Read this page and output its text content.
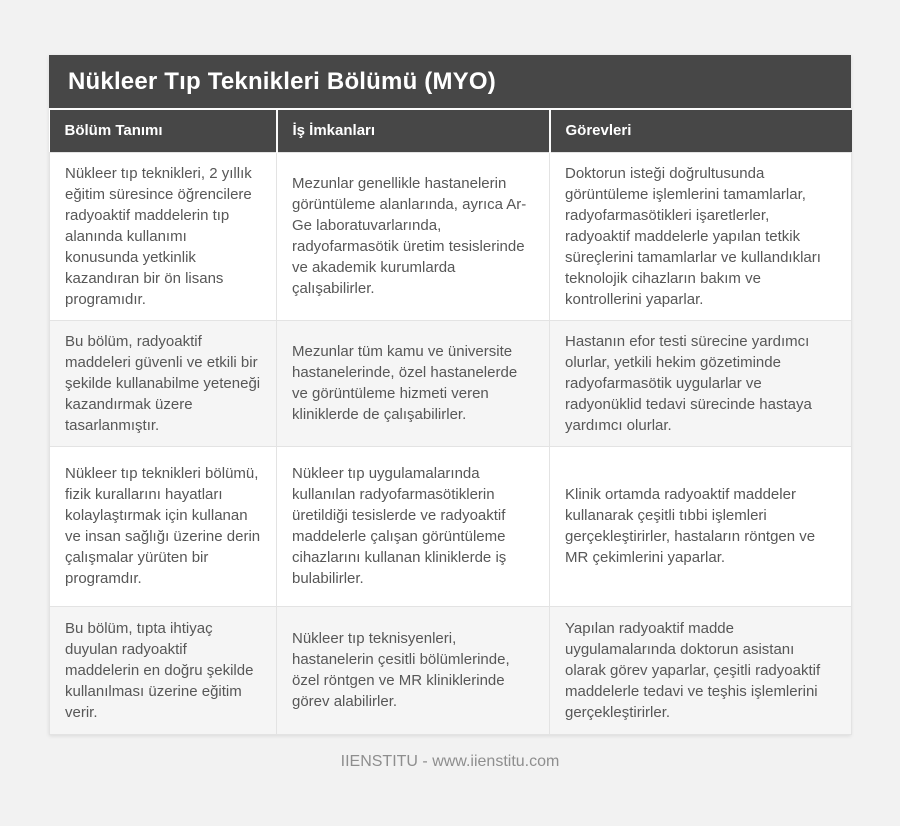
Nükleer Tıp Teknikleri Bölümü (MYO)
Bölüm Tanımı	İş İmkanları	Görevleri
Nükleer tıp teknikleri, 2 yıllık eğitim süresince öğrencilere radyoaktif maddelerin tıp alanında kullanımı konusunda yetkinlik kazandıran bir ön lisans programıdır.	Mezunlar genellikle hastanelerin görüntüleme alanlarında, ayrıca Ar-Ge laboratuvarlarında, radyofarmasötik üretim tesislerinde ve akademik kurumlarda çalışabilirler.	Doktorun isteği doğrultusunda görüntüleme işlemlerini tamamlarlar, radyofarmasötikleri işaretlerler, radyoaktif maddelerle yapılan tetkik süreçlerini tamamlarlar ve kullandıkları teknolojik cihazların bakım ve kontrollerini yaparlar.
Bu bölüm, radyoaktif maddeleri güvenli ve etkili bir şekilde kullanabilme yeteneği kazandırmak üzere tasarlanmıştır.	Mezunlar tüm kamu ve üniversite hastanelerinde, özel hastanelerde ve görüntüleme hizmeti veren kliniklerde de çalışabilirler.	Hastanın efor testi sürecine yardımcı olurlar, yetkili hekim gözetiminde radyofarmasötik uygularlar ve radyonüklid tedavi sürecinde hastaya yardımcı olurlar.
Nükleer tıp teknikleri bölümü, fizik kurallarını hayatları kolaylaştırmak için kullanan ve insan sağlığı üzerine derin çalışmalar yürüten bir programdır.	Nükleer tıp uygulamalarında kullanılan radyofarmasötiklerin üretildiği tesislerde ve radyoaktif maddelerle çalışan görüntüleme cihazlarını kullanan kliniklerde iş bulabilirler.	Klinik ortamda radyoaktif maddeler kullanarak çeşitli tıbbi işlemleri gerçekleştirirler, hastaların röntgen ve MR çekimlerini yaparlar.
Bu bölüm, tıpta ihtiyaç duyulan radyoaktif maddelerin en doğru şekilde kullanılması üzerine eğitim verir.	Nükleer tıp teknisyenleri, hastanelerin çesitli bölümlerinde, özel röntgen ve MR kliniklerinde görev alabilirler.	Yapılan radyoaktif madde uygulamalarında doktorun asistanı olarak görev yaparlar, çeşitli radyoaktif maddelerle tedavi ve teşhis işlemlerini gerçekleştirirler.
IIENSTITU - www.iienstitu.com
